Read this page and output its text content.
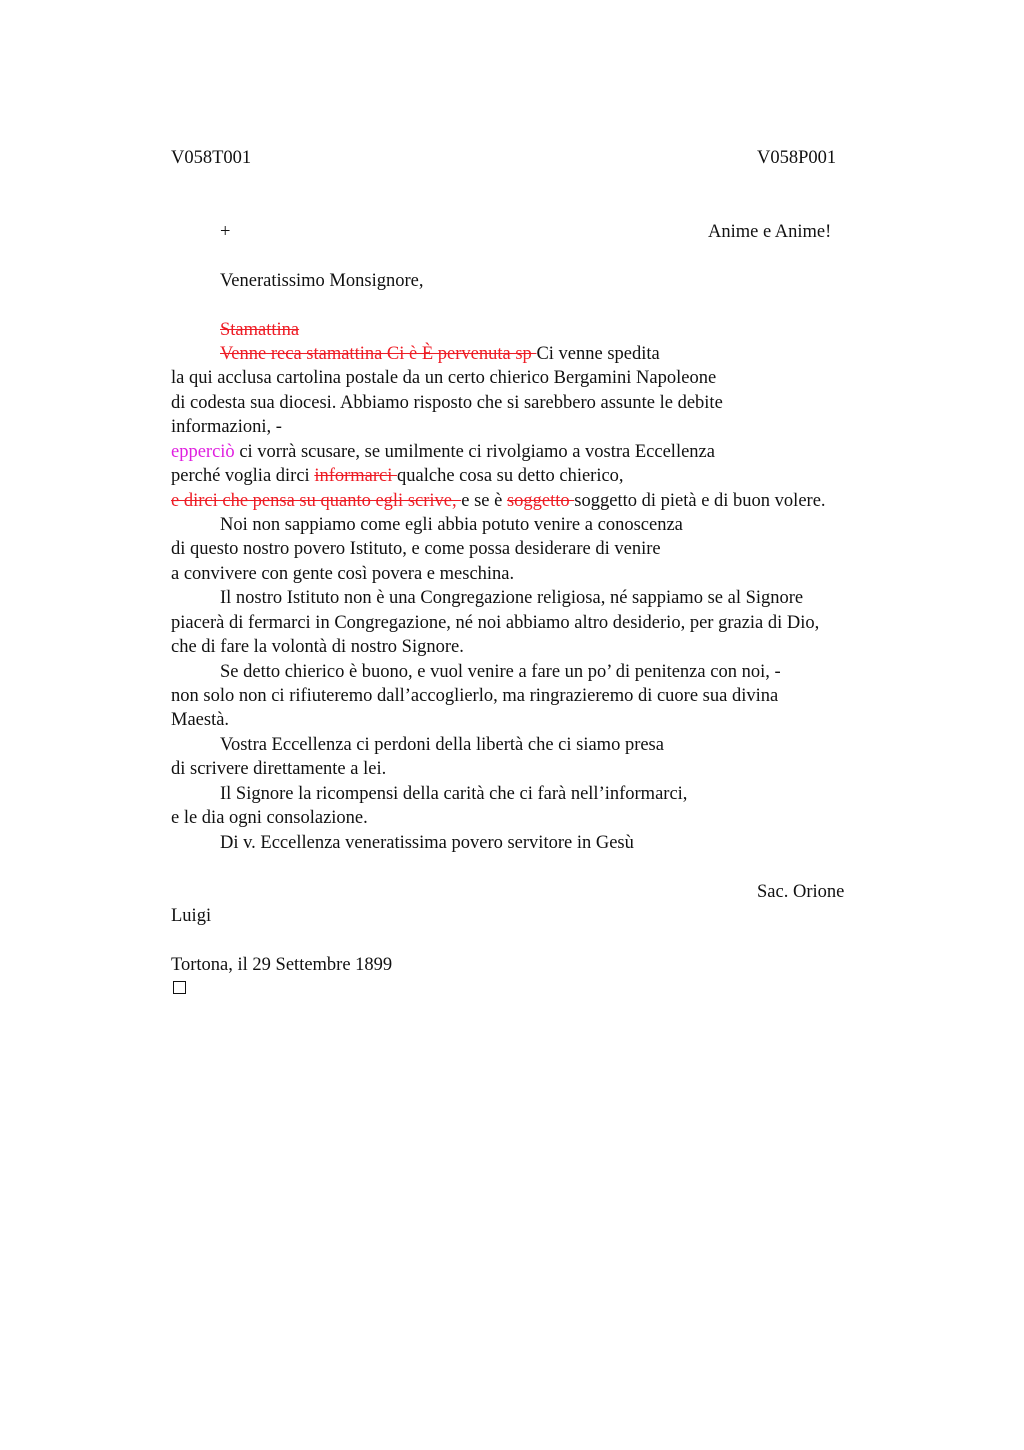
V058T001	V058P001
+	Anime e Anime!
Veneratissimo Monsignore,
Stamattina
Venne reca stamattina Ci è È pervenuta sp Ci venne spedita
la qui acclusa cartolina postale da un certo chierico Bergamini Napoleone
di codesta sua diocesi. Abbiamo risposto che si sarebbero assunte le debite
informazioni, -
epperciò ci vorrà scusare, se umilmente ci rivolgiamo a vostra Eccellenza
perché voglia dirci informarci qualche cosa su detto chierico,
e dirci che pensa su quanto egli scrive, e se è soggetto soggetto di pietà e di buon volere.
Noi non sappiamo come egli abbia potuto venire a conoscenza
di questo nostro povero Istituto, e come possa desiderare di venire
a convivere con gente così povera e meschina.
Il nostro Istituto non è una Congregazione religiosa, né sappiamo se al Signore
piacerà di fermarci in Congregazione, né noi abbiamo altro desiderio, per grazia di Dio,
che di fare la volontà di nostro Signore.
Se detto chierico è buono, e vuol venire a fare un po’ di penitenza con noi, -
non solo non ci rifiuteremo dall’accoglierlo, ma ringrazieremo di cuore sua divina
Maestà.
Vostra Eccellenza ci perdoni della libertà che ci siamo presa
di scrivere direttamente a lei.
Il Signore la ricompensi della carità che ci farà nell’informarci,
e le dia ogni consolazione.
Di v. Eccellenza veneratissima povero servitore in Gesù
Sac. Orione
Luigi
Tortona, il 29 Settembre 1899
